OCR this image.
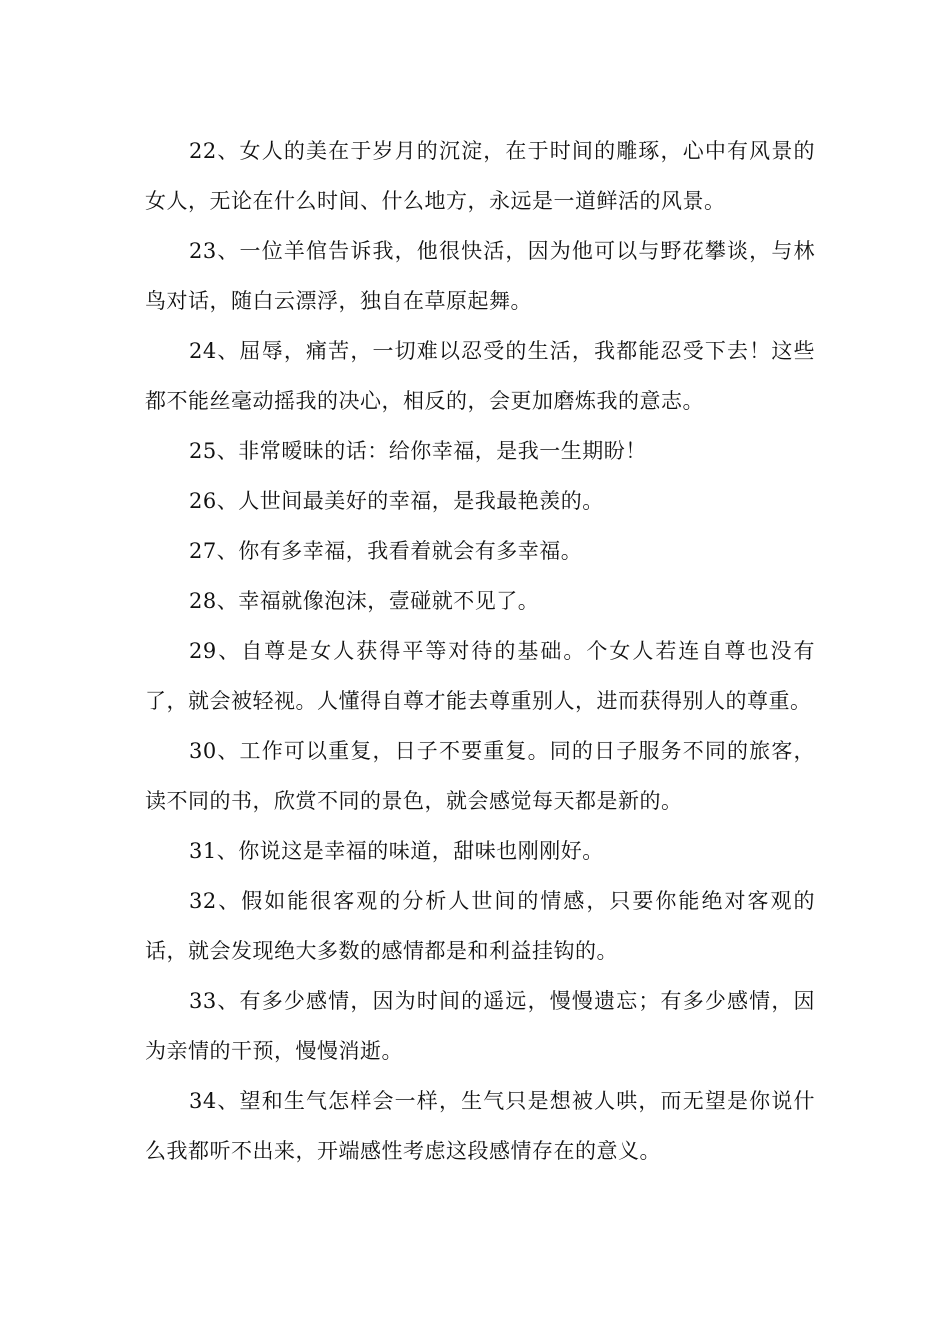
22、女人的美在于岁月的沉淀，在于时间的雕琢，心中有风景的女人，无论在什么时间、什么地方，永远是一道鲜活的风景。

23、一位羊倌告诉我，他很快活，因为他可以与野花攀谈，与林鸟对话，随白云漂浮，独自在草原起舞。

24、屈辱，痛苦，一切难以忍受的生活，我都能忍受下去！这些都不能丝毫动摇我的决心，相反的，会更加磨炼我的意志。

25、非常暧昧的话：给你幸福，是我一生期盼！

26、人世间最美好的幸福，是我最艳羡的。

27、你有多幸福，我看着就会有多幸福。

28、幸福就像泡沫，壹碰就不见了。

29、自尊是女人获得平等对待的基础。个女人若连自尊也没有了，就会被轻视。人懂得自尊才能去尊重别人，进而获得别人的尊重。

30、工作可以重复，日子不要重复。同的日子服务不同的旅客，读不同的书，欣赏不同的景色，就会感觉每天都是新的。

31、你说这是幸福的味道，甜味也刚刚好。

32、假如能很客观的分析人世间的情感，只要你能绝对客观的话，就会发现绝大多数的感情都是和利益挂钩的。

33、有多少感情，因为时间的遥远，慢慢遗忘；有多少感情，因为亲情的干预，慢慢消逝。

34、望和生气怎样会一样，生气只是想被人哄，而无望是你说什么我都听不出来，开端感性考虑这段感情存在的意义。
